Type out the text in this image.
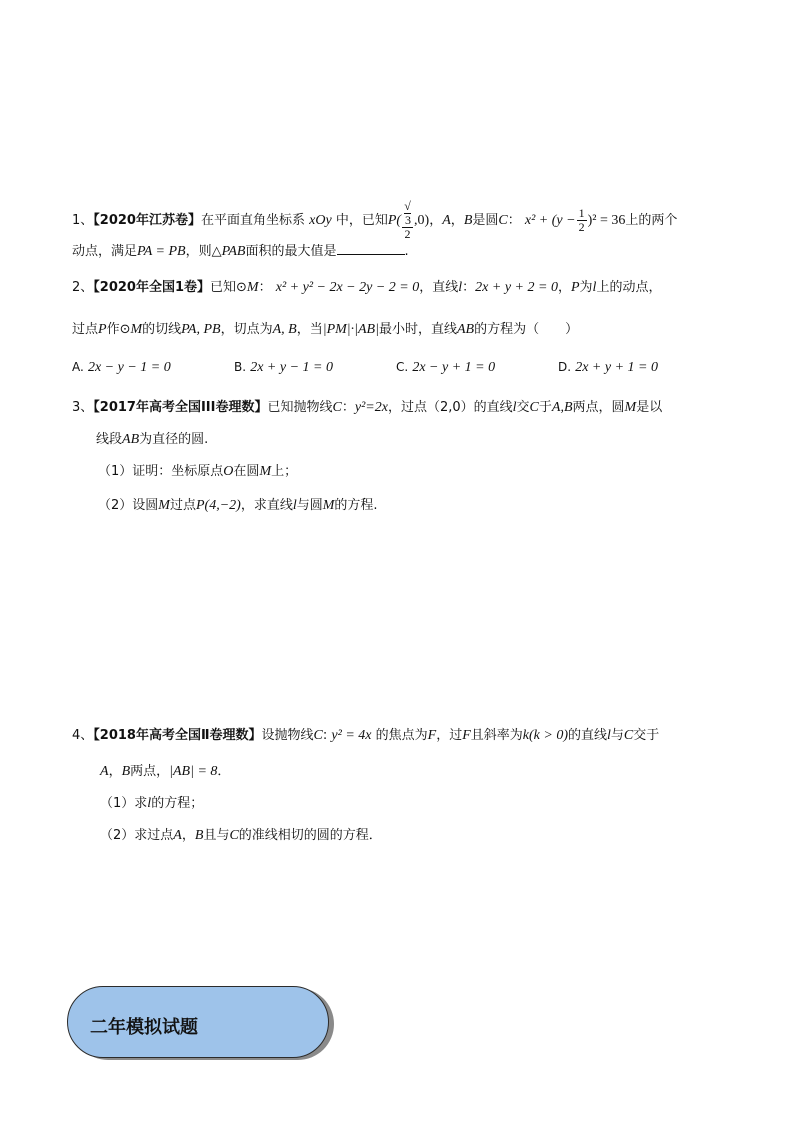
1、【2020年江苏卷】在平面直角坐标系 xOy 中，已知P( √
3
2 ,0)，A，B是圆C： $x^2 + (y - \frac{1}{2} )^2 = 36$上的两个
动点，满足PA = PB，则△PAB面积的最大值是	.
2、【2020年全国1卷】已知⊙M： x² + y² − 2x − 2y − 2 = 0，直线l：2x + y + 2 = 0，P为l上的动点，
过点P作⊙M的切线PA, PB，切点为A, B，当|PM|·|AB|最小时，直线AB的方程为（　　）
A. 2x − y − 1 = 0	B. 2x + y − 1 = 0	C. 2x − y + 1 = 0	D. 2x + y + 1 = 0
3、【2017年高考全国III卷理数】已知抛物线C：y²=2x，过点（2,0）的直线l交C于A,B两点，圆M是以
线段AB为直径的圆.
（1）证明：坐标原点O在圆M上；
（2）设圆M过点P(4,−2)，求直线l与圆M的方程.
4、【2018年高考全国Ⅱ卷理数】设抛物线C: y² = 4x 的焦点为F，过F且斜率为k(k > 0)的直线l与C交于
A，B两点，|AB| = 8．
（1）求l的方程；
（2）求过点A，B且与C的准线相切的圆的方程．
二年模拟试题
